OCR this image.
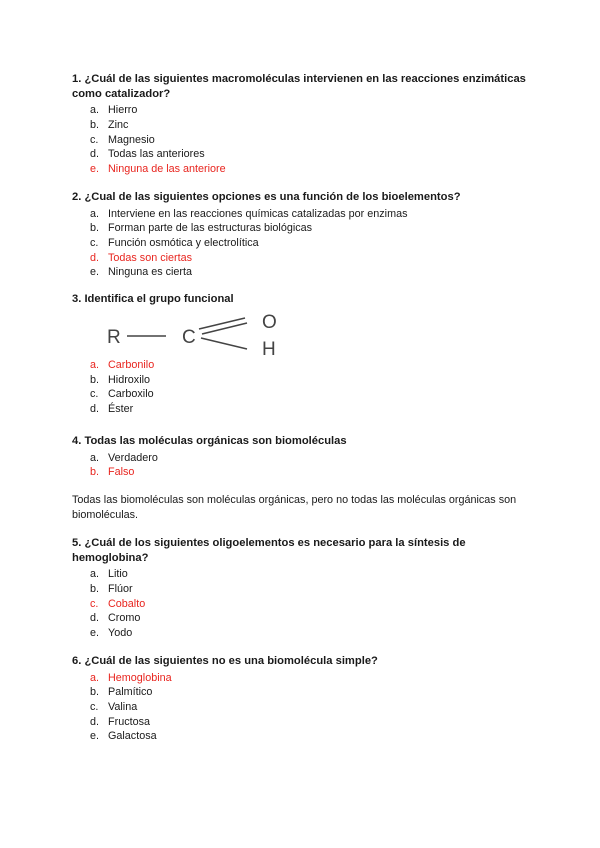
1. ¿Cuál de las siguientes macromoléculas intervienen en las reacciones enzimáticas como catalizador?

a. Hierro
b. Zinc
c. Magnesio
d. Todas las anteriores
e. Ninguna de las anteriore

2. ¿Cual de las siguientes opciones es una función de los bioelementos?

a. Interviene en las reacciones químicas catalizadas por enzimas
b. Forman parte de las estructuras biológicas
c. Función osmótica y electrolítica
d. Todas son ciertas
e. Ninguna es cierta

3. Identifica el grupo funcional

R	C
O
H
a. Carbonilo
b. Hidroxilo
c. Carboxilo
d. Éster

4. Todas las moléculas orgánicas son biomoléculas

a. Verdadero
b. Falso

Todas las biomoléculas son moléculas orgánicas, pero no todas las moléculas orgánicas son biomoléculas.

5. ¿Cuál de los siguientes oligoelementos es necesario para la síntesis de hemoglobina?

a. Litio
b. Flúor
c. Cobalto
d. Cromo
e. Yodo

6. ¿Cuál de las siguientes no es una biomolécula simple?

a. Hemoglobina
b. Palmítico
c. Valina
d. Fructosa
e. Galactosa
